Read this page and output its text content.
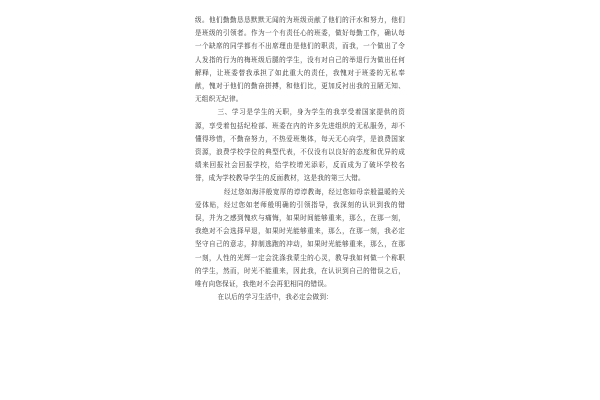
级。他们勤勤恳恳默默无闻的为班级贡献了他们的汗水和努力，他们是班级的引领者。作为一个有责任心的班委，做好每勤工作，确认每一个缺席的同学都有不出席理由是他们的职责，而我，一个做出了令人发指的行为的梅班级后腿的学生，没有对自己的举退行为做出任何解释，让班委替我承担了如此重大的责任，我愧对于班委的无私奉献，愧对于他们的勤奋拼搏，和他们比，更加反衬出我的丑陋无知、无组织无纪律。

三、学习是学生的天职，身为学生的我享受着国家提供的资源，享受着包括纪检部、班委在内的许多先进组织的无私服务，却不懂得珍惜，不勤奋努力，不热爱班集体，每天无心向学，是浪费国家资源，浪费学校学位的典型代表，不仅没有以良好的态度和优异的成绩来回报社会回报学校，给学校增光添彩，反而成为了破坏学校名誉，成为学校教导学生的反面教材，这是我的第三大错。

经过您如海洋般宽厚的谆谆教诲，经过您如母亲般温暖的关爱体贴，经过您如老师般明确的引领指导，我深刻的认识到我的错误，并为之感到愧疚与痛悔，如果时间能够重来，那么，在那一刻，我绝对不会选择早退，如果时光能够重来，那么，在那一刻，我必定坚守自己的意志，抑制逃跑的冲动，如果时光能够重来，那么，在那一刻，人性的光辉一定会洗涤我蒙尘的心灵，教导我如何做一个称职的学生，然而，时光不能重来，因此我，在认识到自己的错误之后，唯有向您保证，我绝对不会再犯相同的错误。

在以后的学习生活中，我必定会做到：
